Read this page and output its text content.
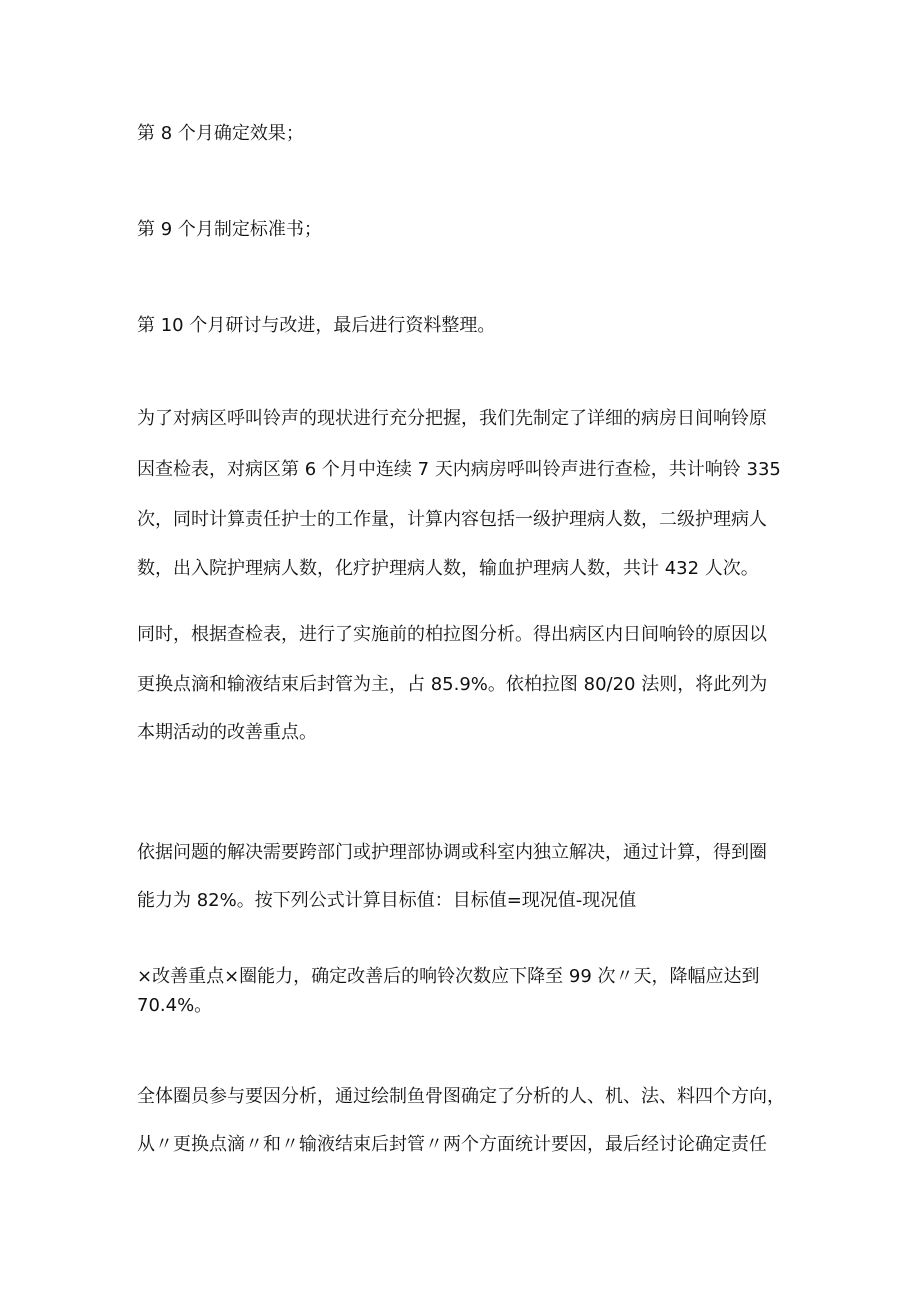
第 8 个月确定效果；
第 9 个月制定标准书；
第 10 个月研讨与改进，最后进行资料整理。
为了对病区呼叫铃声的现状进行充分把握，我们先制定了详细的病房日间响铃原
因查检表，对病区第 6 个月中连续 7 天内病房呼叫铃声进行查检，共计响铃 335
次，同时计算责任护士的工作量，计算内容包括一级护理病人数，二级护理病人
数，出入院护理病人数，化疗护理病人数，输血护理病人数，共计 432 人次。
同时，根据查检表，进行了实施前的柏拉图分析。得出病区内日间响铃的原因以
更换点滴和输液结束后封管为主，占 85.9%。依柏拉图 80/20 法则，将此列为
本期活动的改善重点。
依据问题的解决需要跨部门或护理部协调或科室内独立解决，通过计算，得到圈
能力为 82%。按下列公式计算目标值：目标值=现况值-现况值
×改善重点×圈能力，确定改善后的响铃次数应下降至 99 次〃天，降幅应达到
70.4%。
全体圈员参与要因分析，通过绘制鱼骨图确定了分析的人、机、法、料四个方向，
从〃更换点滴〃和〃输液结束后封管〃两个方面统计要因，最后经讨论确定责任
